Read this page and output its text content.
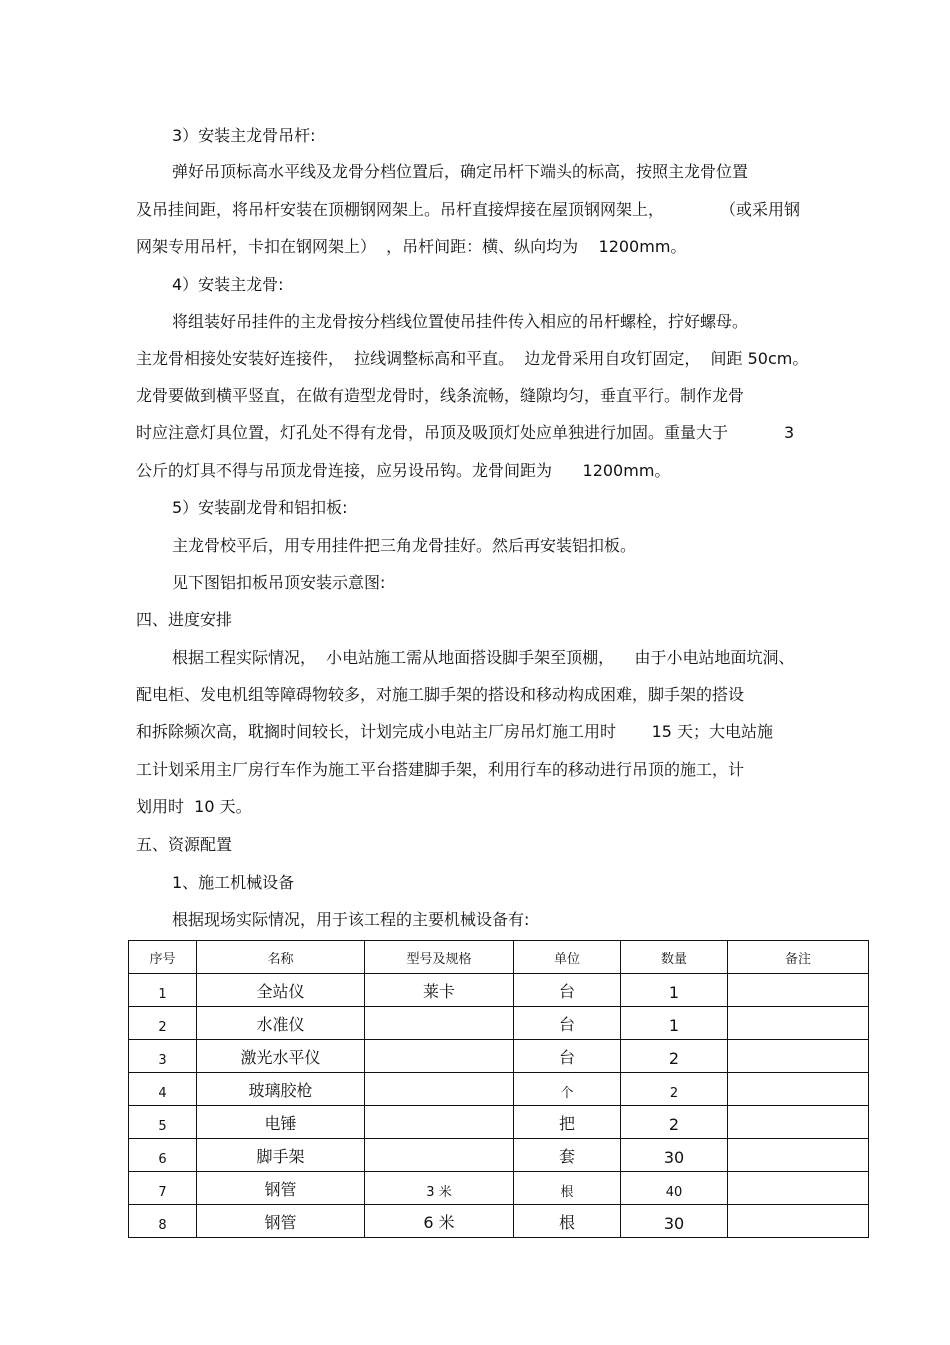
3）安装主龙骨吊杆:
弹好吊顶标高水平线及龙骨分档位置后，确定吊杆下端头的标高，按照主龙骨位置
及吊挂间距，将吊杆安装在顶棚钢网架上。吊杆直接焊接在屋顶钢网架上，           （或采用钢
网架专用吊杆，卡扣在钢网架上）  ，吊杆间距：横、纵向均为    1200mm。
4）安装主龙骨:
将组装好吊挂件的主龙骨按分档线位置使吊挂件传入相应的吊杆螺栓，拧好螺母。
主龙骨相接处安装好连接件，  拉线调整标高和平直。  边龙骨采用自攻钉固定，  间距 50cm。
龙骨要做到横平竖直，在做有造型龙骨时，线条流畅，缝隙均匀，垂直平行。制作龙骨
时应注意灯具位置，灯孔处不得有龙骨，吊顶及吸顶灯处应单独进行加固。重量大于           3
公斤的灯具不得与吊顶龙骨连接，应另设吊钩。龙骨间距为      1200mm。
5）安装副龙骨和铝扣板:
主龙骨校平后，用专用挂件把三角龙骨挂好。然后再安装铝扣板。
见下图铝扣板吊顶安装示意图:
四、进度安排
根据工程实际情况，  小电站施工需从地面搭设脚手架至顶棚，    由于小电站地面坑洞、
配电柜、发电机组等障碍物较多，对施工脚手架的搭设和移动构成困难，脚手架的搭设
和拆除频次高，耽搁时间较长，计划完成小电站主厂房吊灯施工用时       15 天；大电站施
工计划采用主厂房行车作为施工平台搭建脚手架，利用行车的移动进行吊顶的施工，计
划用时  10 天。
五、资源配置
1、施工机械设备
根据现场实际情况，用于该工程的主要机械设备有:
序号	名称	型号及规格	单位	数量	备注

1	全站仪	莱卡	台	1	

2	水准仪		台	1	

3	激光水平仪		台	2	

4	玻璃胶枪		个	2	

5	电锤		把	2	

6	脚手架		套	30	

7	钢管	3 米	根	40	

8	钢管	6 米	根	30	
